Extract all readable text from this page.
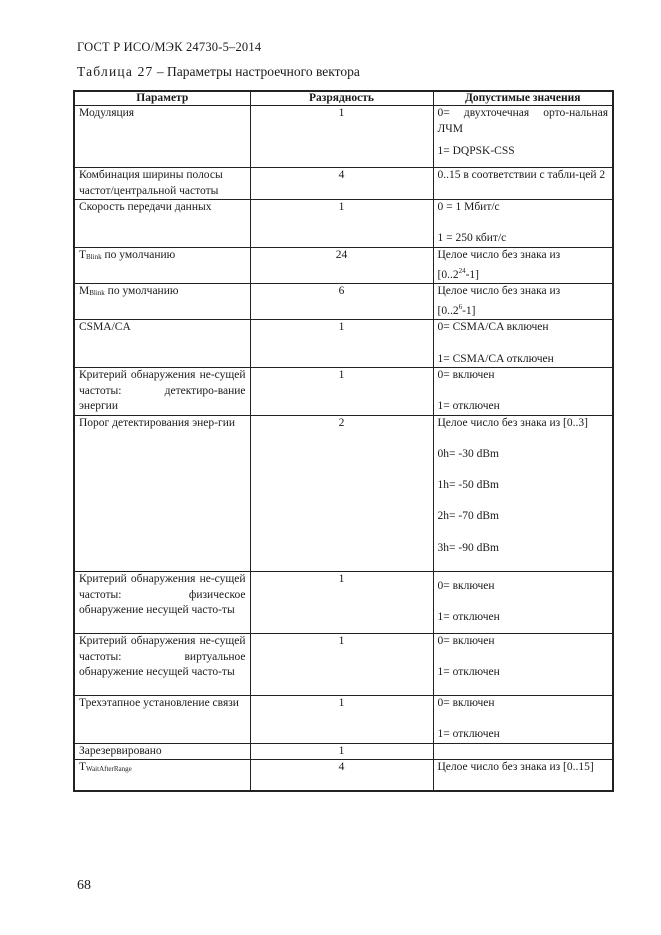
ГОСТ Р ИСО/МЭК 24730-5–2014
Таблица 27 – Параметры настроечного вектора
Параметр	Разрядность	Допустимые значения
Модуляция	1	0= двухточечная орто-нальная ЛЧМ
1= DQPSK-CSS

Комбинация ширины полосы частот/центральной частоты	4	0..15 в соответствии с табли-цей 2
Скорость передачи данных	1	0 = 1 Мбит/с
1 = 250 кбит/с

TBlink по умолчанию	24	Целое число без знака из
[0..2$^{24}$-1]

MBlink по умолчанию	6	Целое число без знака из
[0..2$^6$-1]

CSMA/CA	1	0= CSMA/CA включен
1= CSMA/CA отключен

Критерий обнаружения не-сущей частоты: детектиро-вание энергии	1	0= включен
1= отключен

Порог детектирования энер-гии	2	Целое число без знака из [0..3]
0h= -30 dBm
1h= -50 dBm
2h= -70 dBm
3h= -90 dBm

Критерий обнаружения не-сущей частоты: физическое обнаружение несущей часто-ты	1	0= включен
1= отключен

Критерий обнаружения не-сущей частоты: виртуальное обнаружение несущей часто-ты	1	0= включен
1= отключен

Трехэтапное установление связи	1	0= включен
1= отключен

Зарезервировано	1	
TWaitAfterRange	4	Целое число без знака из [0..15]
68
